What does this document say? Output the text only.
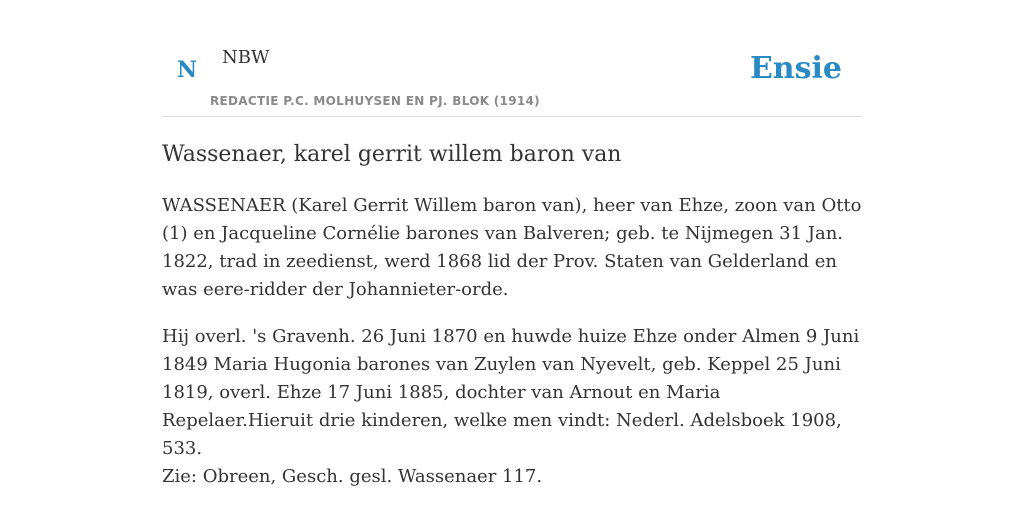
N NBW
REDACTIE P.C. MOLHUYSEN EN PJ. BLOK (1914)
Ensie
Wassenaer, karel gerrit willem baron van

WASSENAER (Karel Gerrit Willem baron van), heer van Ehze, zoon van Otto (1) en Jacqueline Cornélie barones van Balveren; geb. te Nijmegen 31 Jan. 1822, trad in zeedienst, werd 1868 lid der Prov. Staten van Gelderland en was eere-ridder der Johannieter-orde.

Hij overl. 's Gravenh. 26 Juni 1870 en huwde huize Ehze onder Almen 9 Juni 1849 Maria Hugonia barones van Zuylen van Nyevelt, geb. Keppel 25 Juni 1819, overl. Ehze 17 Juni 1885, dochter van Arnout en Maria Repelaer.Hieruit drie kinderen, welke men vindt: Nederl. Adelsboek 1908, 533.

Zie: Obreen, Gesch. gesl. Wassenaer 117.
